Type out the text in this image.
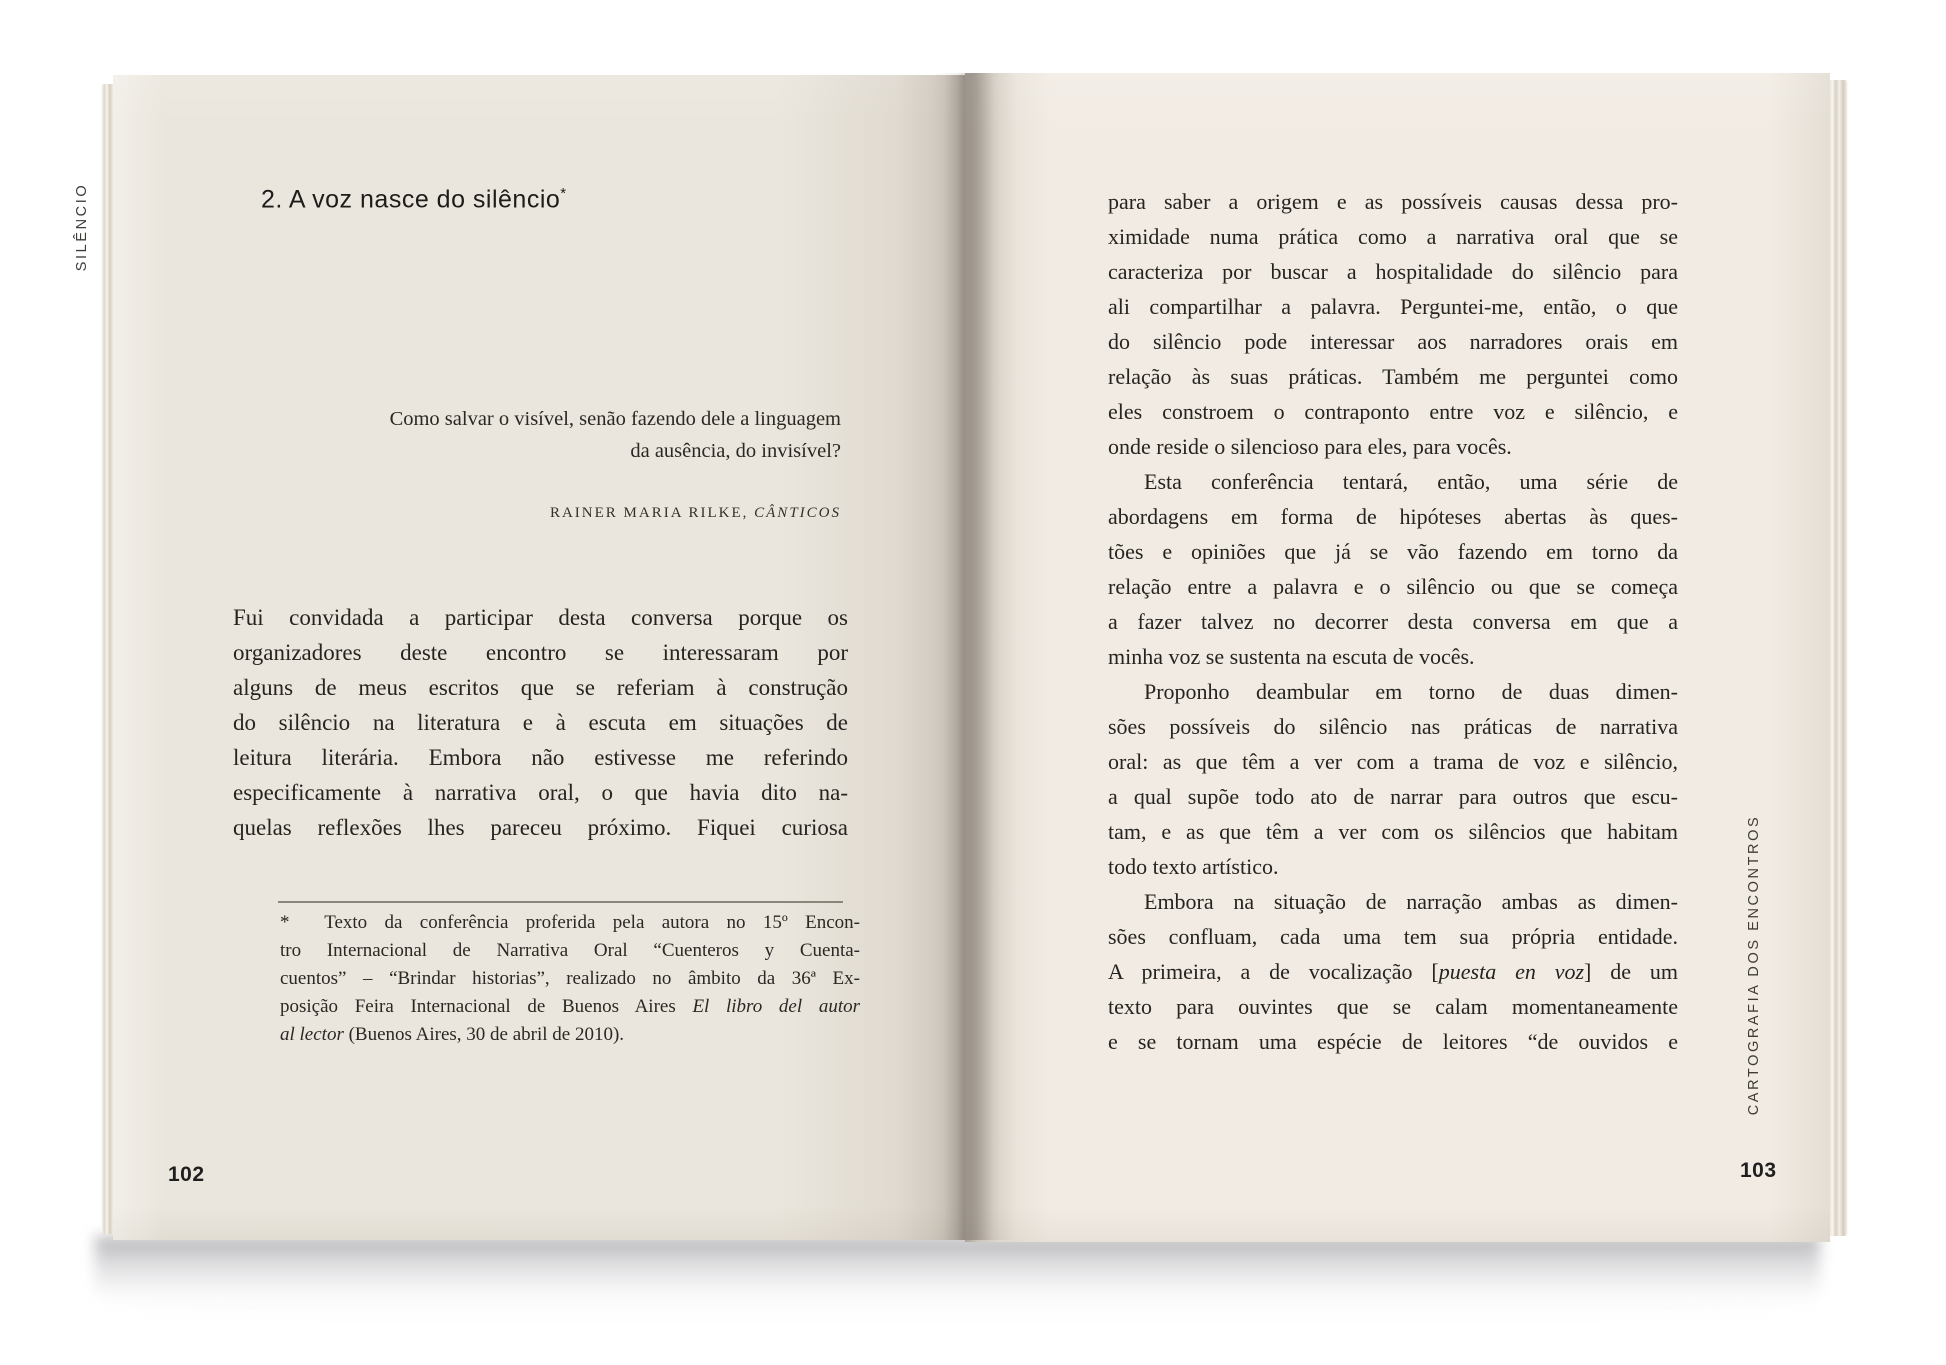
SILÊNCIO	2. A voz nasce do silêncio*
Como salvar o visível, senão fazendo dele a linguagem
da ausência, do invisível?
RAINER MARIA RILKE, CÂNTICOS
Fui convidada a participar desta conversa porque os
organizadores deste encontro se interessaram por
alguns de meus escritos que se referiam à construção
do silêncio na literatura e à escuta em situações de
leitura literária. Embora não estivesse me referindo
especificamente à narrativa oral, o que havia dito na-
quelas reflexões lhes pareceu próximo. Fiquei curiosa
*  Texto da conferência proferida pela autora no 15º Encon-
tro Internacional de Narrativa Oral “Cuenteros y Cuenta-
cuentos” – “Brindar historias”, realizado no âmbito da 36ª Ex-
posição Feira Internacional de Buenos Aires El libro del autor
al lector (Buenos Aires, 30 de abril de 2010).
102
para saber a origem e as possíveis causas dessa pro-
ximidade numa prática como a narrativa oral que se
caracteriza por buscar a hospitalidade do silêncio para
ali compartilhar a palavra. Perguntei-me, então, o que
do silêncio pode interessar aos narradores orais em
relação às suas práticas. Também me perguntei como
eles constroem o contraponto entre voz e silêncio, e
onde reside o silencioso para eles, para vocês.
Esta conferência tentará, então, uma série de
abordagens em forma de hipóteses abertas às ques-
tões e opiniões que já se vão fazendo em torno da
relação entre a palavra e o silêncio ou que se começa
a fazer talvez no decorrer desta conversa em que a
minha voz se sustenta na escuta de vocês.
Proponho deambular em torno de duas dimen-
sões possíveis do silêncio nas práticas de narrativa
oral: as que têm a ver com a trama de voz e silêncio,
a qual supõe todo ato de narrar para outros que escu-
tam, e as que têm a ver com os silêncios que habitam
todo texto artístico.
Embora na situação de narração ambas as dimen-
sões confluam, cada uma tem sua própria entidade.
A primeira, a de vocalização [puesta en voz] de um
texto para ouvintes que se calam momentaneamente
e se tornam uma espécie de leitores “de ouvidos e	CARTOGRAFIA DOS ENCONTROS
103
